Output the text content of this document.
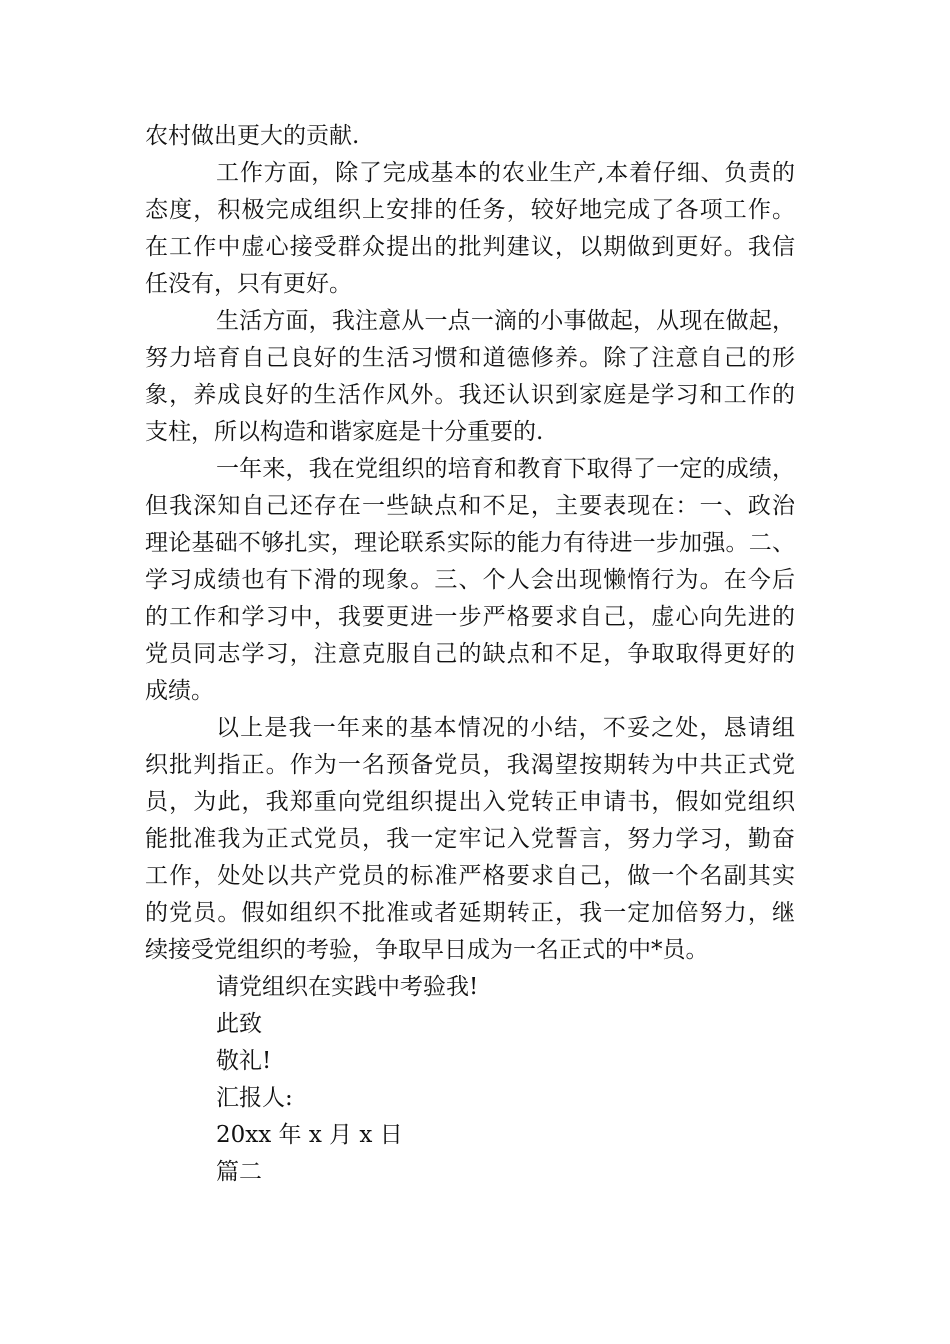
农村做出更大的贡献.
工作方面，除了完成基本的农业生产,本着仔细、负责的
态度，积极完成组织上安排的任务，较好地完成了各项工作。
在工作中虚心接受群众提出的批判建议，以期做到更好。我信
任没有，只有更好。
生活方面，我注意从一点一滴的小事做起，从现在做起，
努力培育自己良好的生活习惯和道德修养。除了注意自己的形
象，养成良好的生活作风外。我还认识到家庭是学习和工作的
支柱，所以构造和谐家庭是十分重要的.
一年来，我在党组织的培育和教育下取得了一定的成绩，
但我深知自己还存在一些缺点和不足，主要表现在：一、政治
理论基础不够扎实，理论联系实际的能力有待进一步加强。二、
学习成绩也有下滑的现象。三、个人会出现懒惰行为。在今后
的工作和学习中，我要更进一步严格要求自己，虚心向先进的
党员同志学习，注意克服自己的缺点和不足，争取取得更好的
成绩。
以上是我一年来的基本情况的小结，不妥之处，恳请组
织批判指正。作为一名预备党员，我渴望按期转为中共正式党
员，为此，我郑重向党组织提出入党转正申请书，假如党组织
能批准我为正式党员，我一定牢记入党誓言，努力学习，勤奋
工作，处处以共产党员的标准严格要求自己，做一个名副其实
的党员。假如组织不批准或者延期转正，我一定加倍努力，继
续接受党组织的考验，争取早日成为一名正式的中*员。
请党组织在实践中考验我!
此致
敬礼!
汇报人:
20xx 年 x 月 x 日
篇二
